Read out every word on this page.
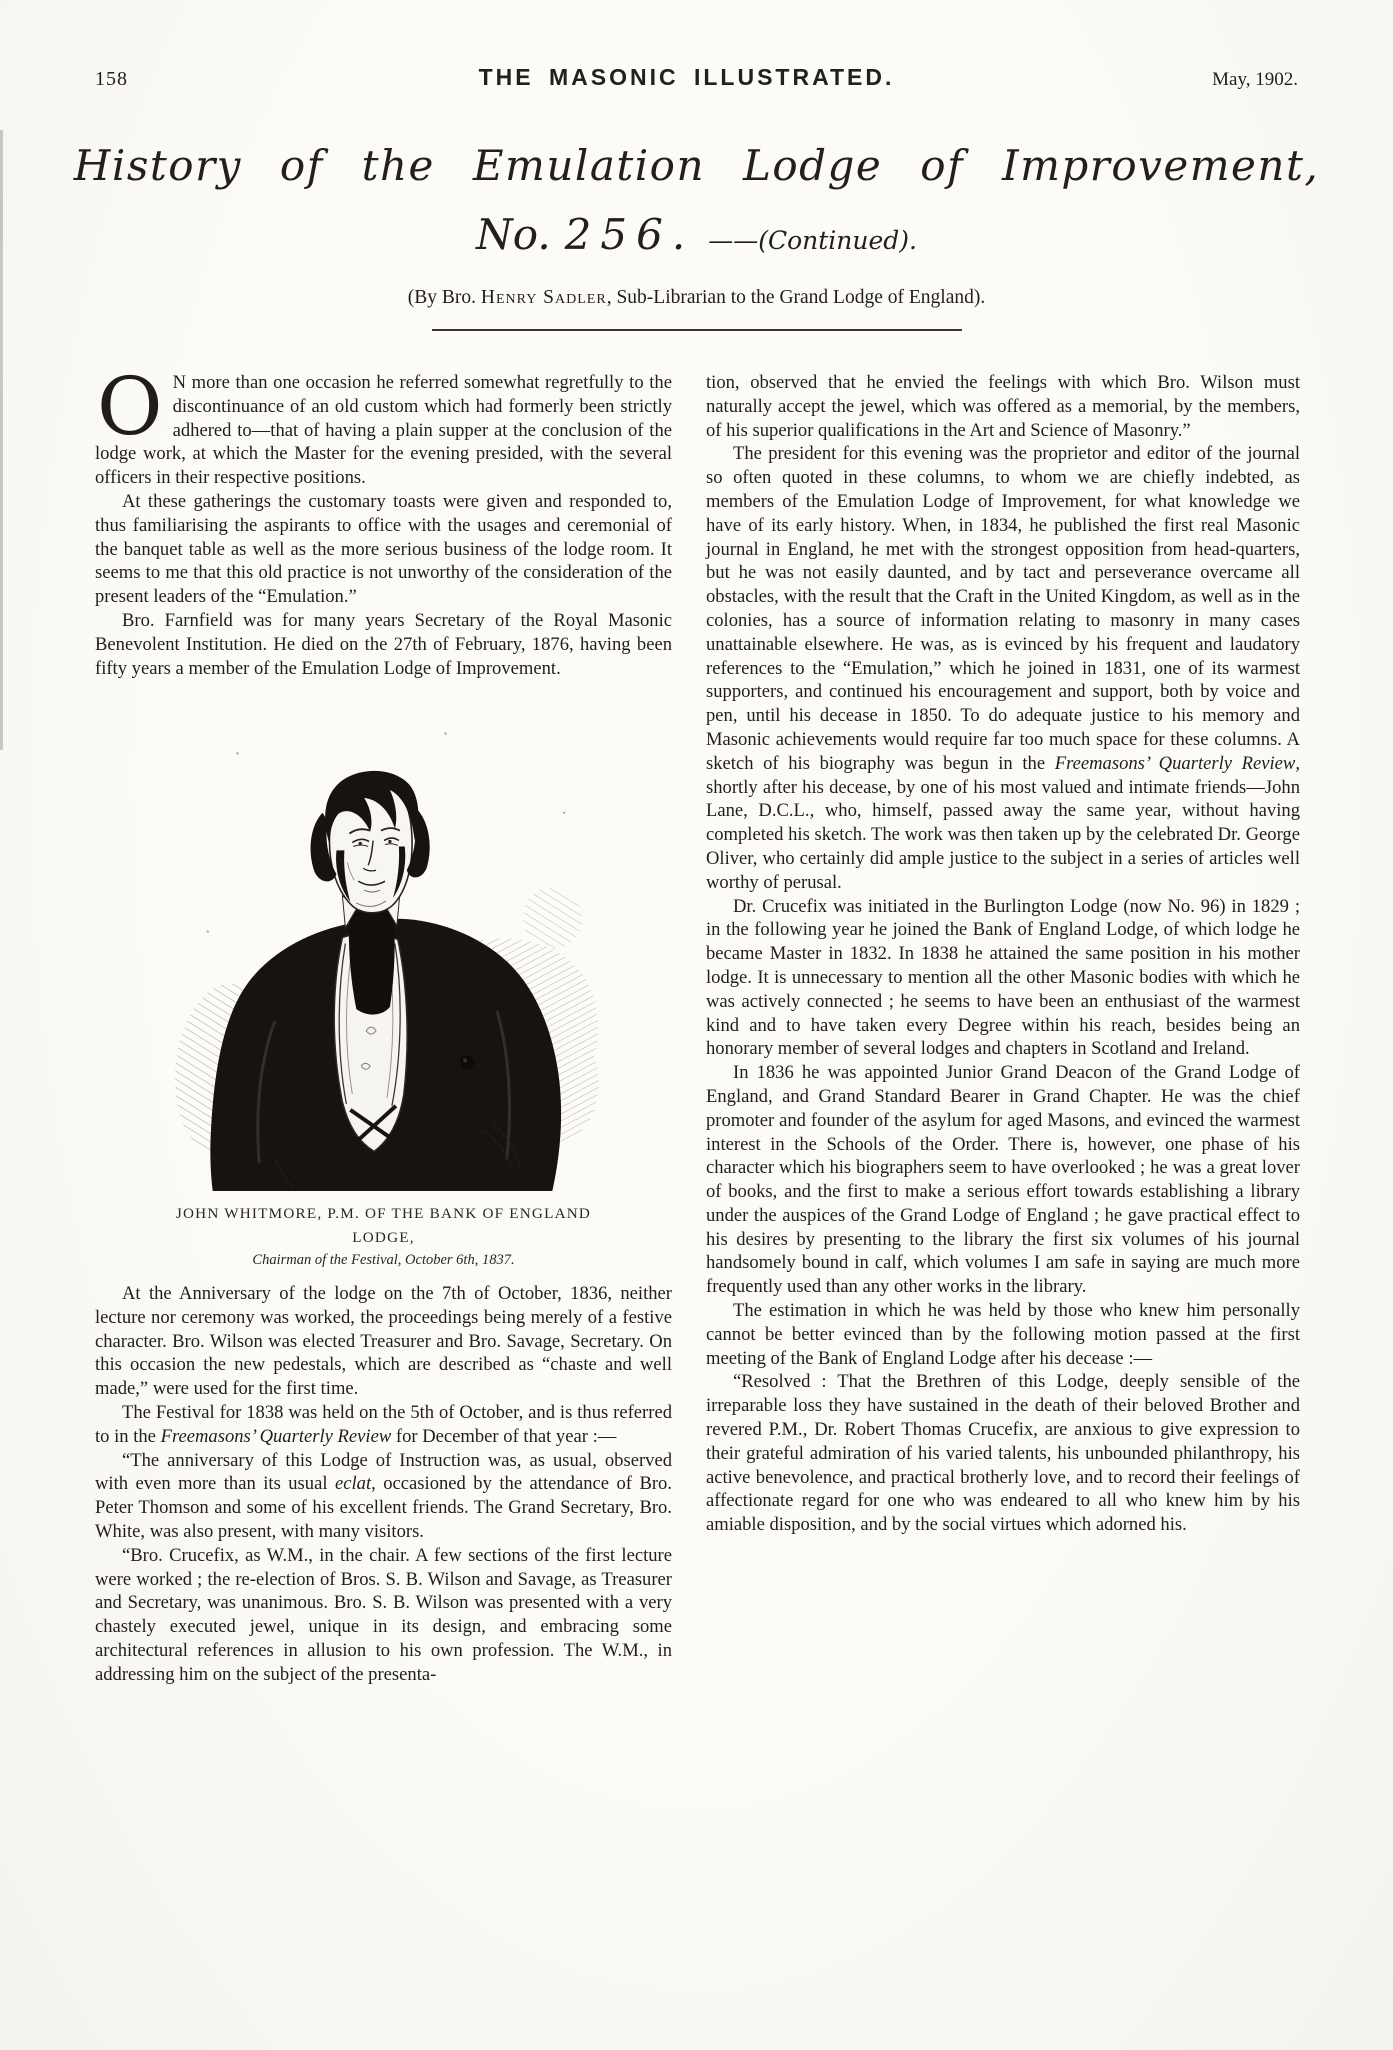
158	THE MASONIC ILLUSTRATED.	May, 1902.
History of the Emulation Lodge of Improvement,
No. 256. ——(Continued).
(By Bro. Henry Sadler, Sub-Librarian to the Grand Lodge of England).

O N more than one occasion he referred somewhat regretfully to the discontinuance of an old custom which had formerly been strictly adhered to—that of having a plain supper at the conclusion of the lodge work, at which the Master for the evening presided, with the several officers in their respective positions.

At these gatherings the customary toasts were given and responded to, thus familiarising the aspirants to office with the usages and ceremonial of the banquet table as well as the more serious business of the lodge room. It seems to me that this old practice is not unworthy of the consideration of the present leaders of the “Emulation.”

Bro. Farnfield was for many years Secretary of the Royal Masonic Benevolent Institution. He died on the 27th of February, 1876, having been fifty years a member of the Emulation Lodge of Improvement.

JOHN WHITMORE, P.M. OF THE BANK OF ENGLAND LODGE,
Chairman of the Festival, October 6th, 1837.

At the Anniversary of the lodge on the 7th of October, 1836, neither lecture nor ceremony was worked, the proceedings being merely of a festive character. Bro. Wilson was elected Treasurer and Bro. Savage, Secretary. On this occasion the new pedestals, which are described as “chaste and well made,” were used for the first time.

The Festival for 1838 was held on the 5th of October, and is thus referred to in the Freemasons’ Quarterly Review for December of that year :—

“The anniversary of this Lodge of Instruction was, as usual, observed with even more than its usual eclat, occasioned by the attendance of Bro. Peter Thomson and some of his excellent friends. The Grand Secretary, Bro. White, was also present, with many visitors.

“Bro. Crucefix, as W.M., in the chair. A few sections of the first lecture were worked ; the re-election of Bros. S. B. Wilson and Savage, as Treasurer and Secretary, was unanimous. Bro. S. B. Wilson was presented with a very chastely executed jewel, unique in its design, and embracing some architectural references in allusion to his own profession. The W.M., in addressing him on the subject of the presenta-

tion, observed that he envied the feelings with which Bro. Wilson must naturally accept the jewel, which was offered as a memorial, by the members, of his superior qualifications in the Art and Science of Masonry.”

The president for this evening was the proprietor and editor of the journal so often quoted in these columns, to whom we are chiefly indebted, as members of the Emulation Lodge of Improvement, for what knowledge we have of its early history. When, in 1834, he published the first real Masonic journal in England, he met with the strongest opposition from head-quarters, but he was not easily daunted, and by tact and perseverance overcame all obstacles, with the result that the Craft in the United Kingdom, as well as in the colonies, has a source of information relating to masonry in many cases unattainable elsewhere. He was, as is evinced by his frequent and laudatory references to the “Emulation,” which he joined in 1831, one of its warmest supporters, and continued his encouragement and support, both by voice and pen, until his decease in 1850. To do adequate justice to his memory and Masonic achievements would require far too much space for these columns. A sketch of his biography was begun in the Freemasons’ Quarterly Review, shortly after his decease, by one of his most valued and intimate friends—John Lane, D.C.L., who, himself, passed away the same year, without having completed his sketch. The work was then taken up by the celebrated Dr. George Oliver, who certainly did ample justice to the subject in a series of articles well worthy of perusal.

Dr. Crucefix was initiated in the Burlington Lodge (now No. 96) in 1829 ; in the following year he joined the Bank of England Lodge, of which lodge he became Master in 1832. In 1838 he attained the same position in his mother lodge. It is unnecessary to mention all the other Masonic bodies with which he was actively connected ; he seems to have been an enthusiast of the warmest kind and to have taken every Degree within his reach, besides being an honorary member of several lodges and chapters in Scotland and Ireland.

In 1836 he was appointed Junior Grand Deacon of the Grand Lodge of England, and Grand Standard Bearer in Grand Chapter. He was the chief promoter and founder of the asylum for aged Masons, and evinced the warmest interest in the Schools of the Order. There is, however, one phase of his character which his biographers seem to have overlooked ; he was a great lover of books, and the first to make a serious effort towards establishing a library under the auspices of the Grand Lodge of England ; he gave practical effect to his desires by presenting to the library the first six volumes of his journal handsomely bound in calf, which volumes I am safe in saying are much more frequently used than any other works in the library.

The estimation in which he was held by those who knew him personally cannot be better evinced than by the following motion passed at the first meeting of the Bank of England Lodge after his decease :—

“Resolved : That the Brethren of this Lodge, deeply sensible of the irreparable loss they have sustained in the death of their beloved Brother and revered P.M., Dr. Robert Thomas Crucefix, are anxious to give expression to their grateful admiration of his varied talents, his unbounded philanthropy, his active benevolence, and practical brotherly love, and to record their feelings of affectionate regard for one who was endeared to all who knew him by his amiable disposition, and by the social virtues which adorned his.
